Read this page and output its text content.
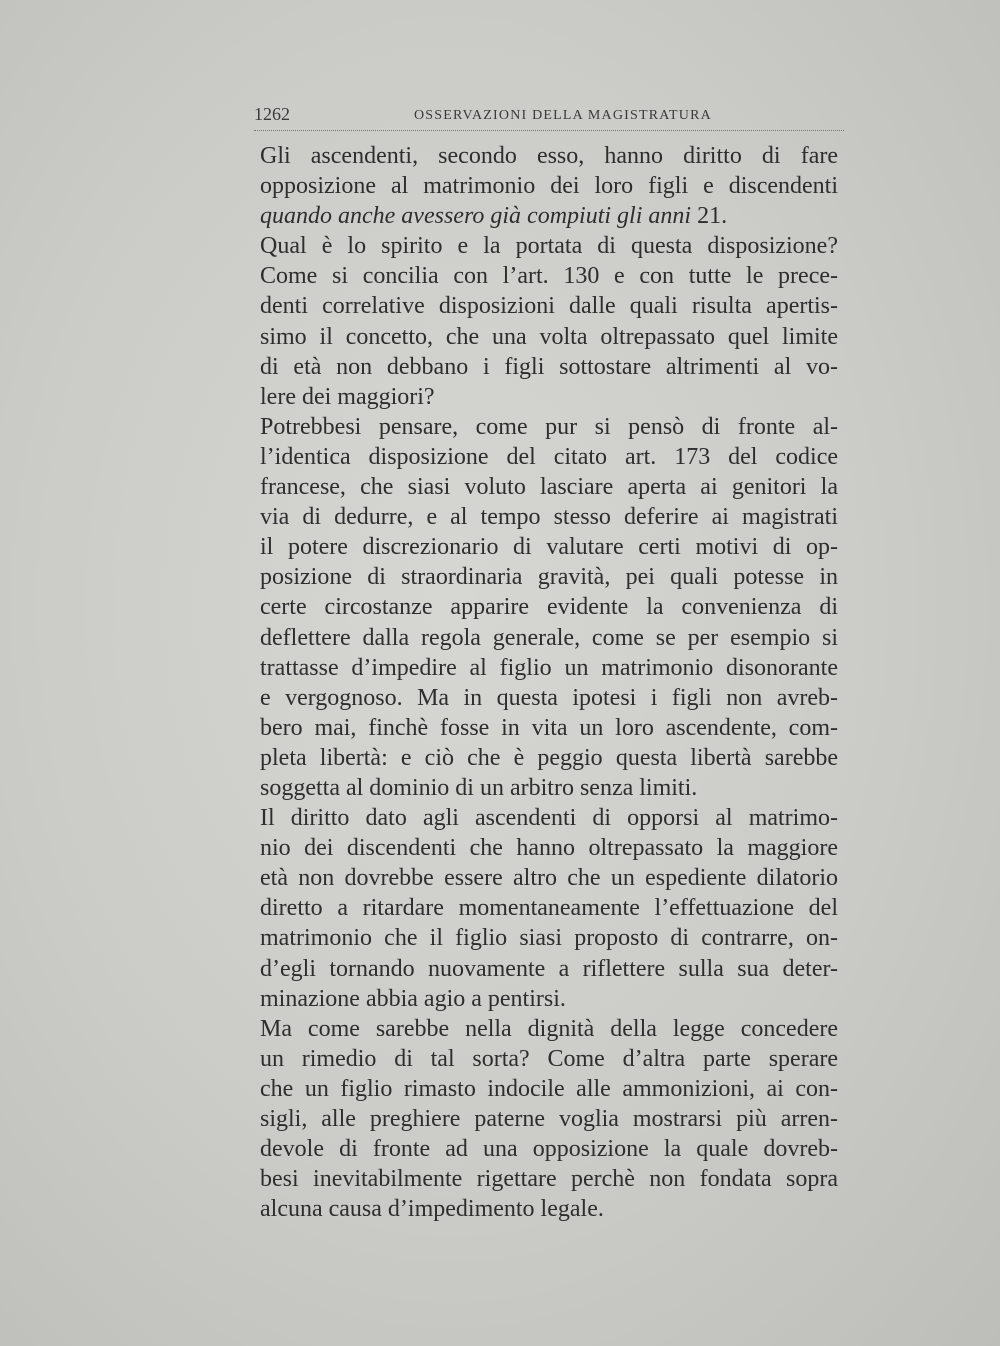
1262	OSSERVAZIONI DELLA MAGISTRATURA

Gli ascendenti, secondo esso, hanno diritto di fare
opposizione al matrimonio dei loro figli e discendenti
quando anche avessero già compiuti gli anni 21.

Qual è lo spirito e la portata di questa disposizione?
Come si concilia con l’art. 130 e con tutte le prece-
denti correlative disposizioni dalle quali risulta apertis-
simo il concetto, che una volta oltrepassato quel limite
di età non debbano i figli sottostare altrimenti al vo-
lere dei maggiori?

Potrebbesi pensare, come pur si pensò di fronte al-
l’identica disposizione del citato art. 173 del codice
francese, che siasi voluto lasciare aperta ai genitori la
via di dedurre, e al tempo stesso deferire ai magistrati
il potere discrezionario di valutare certi motivi di op-
posizione di straordinaria gravità, pei quali potesse in
certe circostanze apparire evidente la convenienza di
deflettere dalla regola generale, come se per esempio si
trattasse d’impedire al figlio un matrimonio disonorante
e vergognoso. Ma in questa ipotesi i figli non avreb-
bero mai, finchè fosse in vita un loro ascendente, com-
pleta libertà: e ciò che è peggio questa libertà sarebbe
soggetta al dominio di un arbitro senza limiti.

Il diritto dato agli ascendenti di opporsi al matrimo-
nio dei discendenti che hanno oltrepassato la maggiore
età non dovrebbe essere altro che un espediente dilatorio
diretto a ritardare momentaneamente l’effettuazione del
matrimonio che il figlio siasi proposto di contrarre, on-
d’egli tornando nuovamente a riflettere sulla sua deter-
minazione abbia agio a pentirsi.

Ma come sarebbe nella dignità della legge concedere
un rimedio di tal sorta? Come d’altra parte sperare
che un figlio rimasto indocile alle ammonizioni, ai con-
sigli, alle preghiere paterne voglia mostrarsi più arren-
devole di fronte ad una opposizione la quale dovreb-
besi inevitabilmente rigettare perchè non fondata sopra
alcuna causa d’impedimento legale.
